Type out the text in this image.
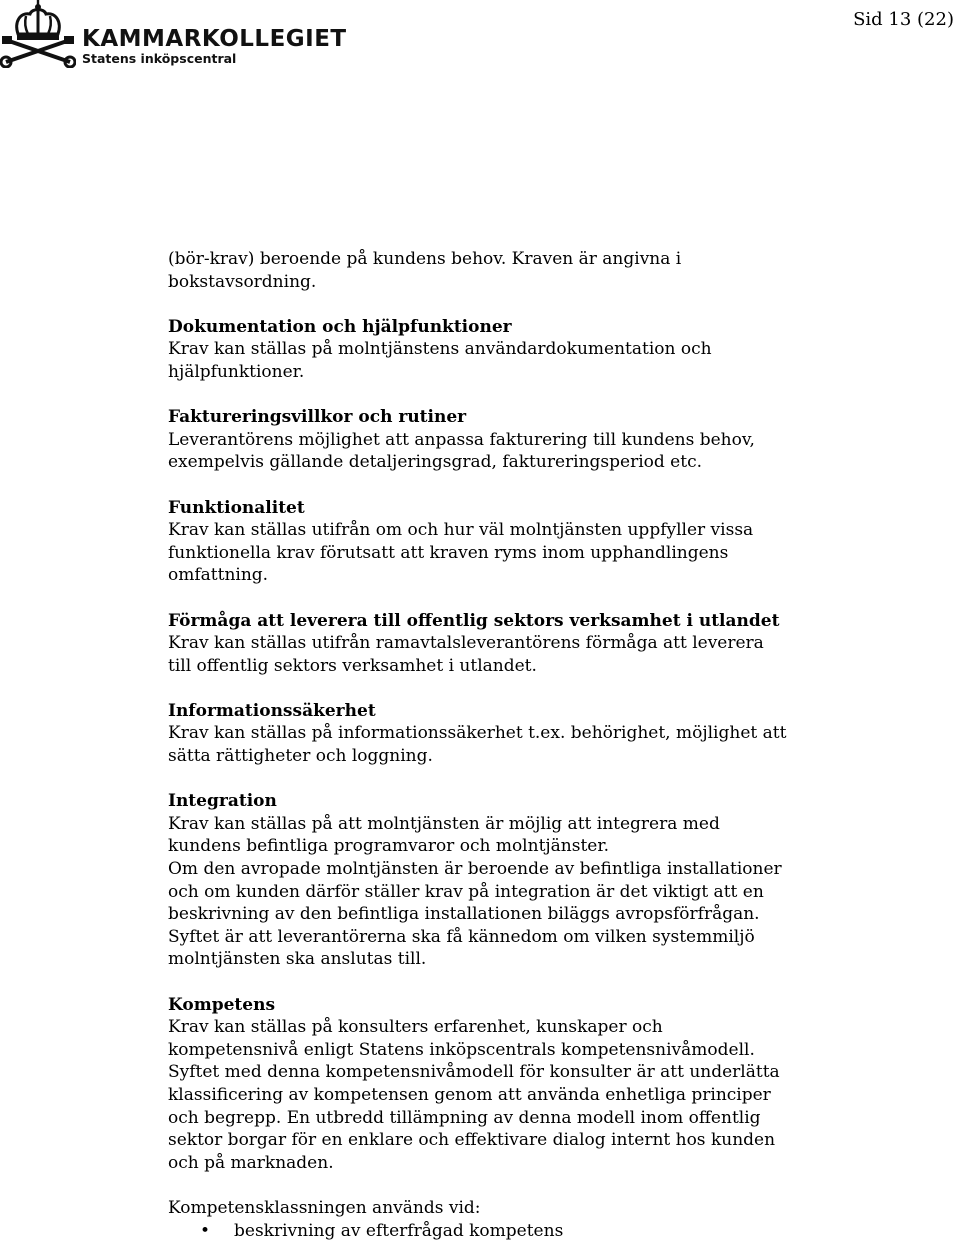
KAMMARKOLLEGIET
Statens inköpscentral
Sid 13 (22)

(bör-krav) beroende på kundens behov. Kraven är angivna i
bokstavsordning.

Dokumentation och hjälpfunktioner
Krav kan ställas på molntjänstens användardokumentation och
hjälpfunktioner.

Faktureringsvillkor och rutiner
Leverantörens möjlighet att anpassa fakturering till kundens behov,
exempelvis gällande detaljeringsgrad, faktureringsperiod etc.

Funktionalitet
Krav kan ställas utifrån om och hur väl molntjänsten uppfyller vissa
funktionella krav förutsatt att kraven ryms inom upphandlingens
omfattning.

Förmåga att leverera till offentlig sektors verksamhet i utlandet
Krav kan ställas utifrån ramavtalsleverantörens förmåga att leverera
till offentlig sektors verksamhet i utlandet.

Informationssäkerhet
Krav kan ställas på informationssäkerhet t.ex. behörighet, möjlighet att
sätta rättigheter och loggning.

Integration
Krav kan ställas på att molntjänsten är möjlig att integrera med
kundens befintliga programvaror och molntjänster.
Om den avropade molntjänsten är beroende av befintliga installationer
och om kunden därför ställer krav på integration är det viktigt att en
beskrivning av den befintliga installationen biläggs avropsförfrågan.
Syftet är att leverantörerna ska få kännedom om vilken systemmiljö
molntjänsten ska anslutas till.

Kompetens
Krav kan ställas på konsulters erfarenhet, kunskaper och
kompetensnivå enligt Statens inköpscentrals kompetensnivåmodell.
Syftet med denna kompetensnivåmodell för konsulter är att underlätta
klassificering av kompetensen genom att använda enhetliga principer
och begrepp. En utbredd tillämpning av denna modell inom offentlig
sektor borgar för en enklare och effektivare dialog internt hos kunden
och på marknaden.

Kompetensklassningen används vid:

• beskrivning av efterfrågad kompetens
